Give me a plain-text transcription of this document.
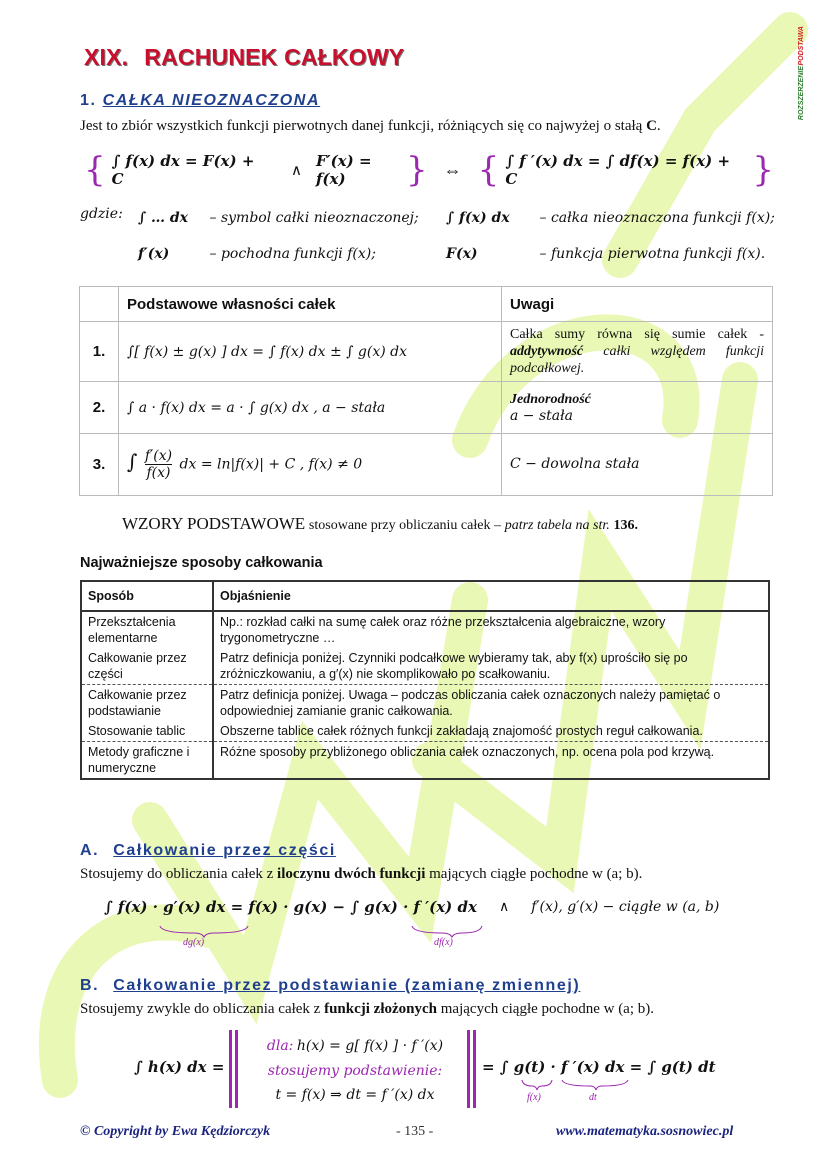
PODSTAWA
ROZSZERZENIE
XIX. RACHUNEK CAŁKOWY
1. CAŁKA NIEOZNACZONA
Jest to zbiór wszystkich funkcji pierwotnych danej funkcji, różniących się co najwyżej o stałą C.
{ ∫ f(x) dx = F(x) + C	∧
F′(x) = f(x)	} ⇔ { ∫ f ′(x) dx = ∫ df(x) = f(x) + C	}
gdzie: ∫ … dx – symbol całki nieoznaczonej;	∫ f(x) dx – całka nieoznaczona funkcji f(x);
f′(x)	– pochodna funkcji f(x);	F(x)	– funkcja pierwotna funkcji f(x).
	Podstawowe własności całek	Uwagi
1.	∫[ f(x) ± g(x) ] dx = ∫ f(x) dx ± ∫ g(x) dx	Całka sumy równa się sumie całek - addytywność całki względem funkcji podcałkowej.
2.	∫ a · f(x) dx = a · ∫ g(x) dx , a − stała	Jednorodność
a − stała
3.	∫ $\frac{f'(x)}{f(x)}$ dx = ln|f(x)| + C , f(x) ≠ 0	C − dowolna stała
WZORY PODSTAWOWE stosowane przy obliczaniu całek – patrz tabela na str. 136.
Najważniejsze sposoby całkowania
Sposób	Objaśnienie
Przekształcenia elementarne	Np.: rozkład całki na sumę całek oraz różne przekształcenia algebraiczne, wzory trygonometryczne …
Całkowanie przez części	Patrz definicja poniżej. Czynniki podcałkowe wybieramy tak, aby f(x) uprościło się po zróżniczkowaniu, a g′(x) nie skomplikowało po scałkowaniu.
Całkowanie przez podstawianie	Patrz definicja poniżej. Uwaga – podczas obliczania całek oznaczonych należy pamiętać o odpowiedniej zamianie granic całkowania.
Stosowanie tablic	Obszerne tablice całek różnych funkcji zakładają znajomość prostych reguł całkowania.
Metody graficzne i numeryczne	Różne sposoby przybliżonego obliczania całek oznaczonych, np. ocena pola pod krzywą.
A. Całkowanie przez części
Stosujemy do obliczania całek z iloczynu dwóch funkcji mających ciągłe pochodne w (a; b).
∫ f(x) · g′(x) dx = f(x) · g(x) − ∫ g(x) · f ′(x) dx ∧ f′(x), g′(x) − ciągłe w (a, b)
dg(x)	df(x)
B. Całkowanie przez podstawianie (zamianę zmiennej)
Stosujemy zwykle do obliczania całek z funkcji złożonych mających ciągłe pochodne w (a; b).
∫ h(x) dx =
dla: h(x) = g[ f(x) ] · f ′(x)
stosujemy podstawienie:
t = f(x) ⇒ dt = f ′(x) dx
= ∫ g(t) · f ′(x) dx = ∫ g(t) dt
f(x)	dt
© Copyright by Ewa Kędziorczyk	- 135 -	www.matematyka.sosnowiec.pl
